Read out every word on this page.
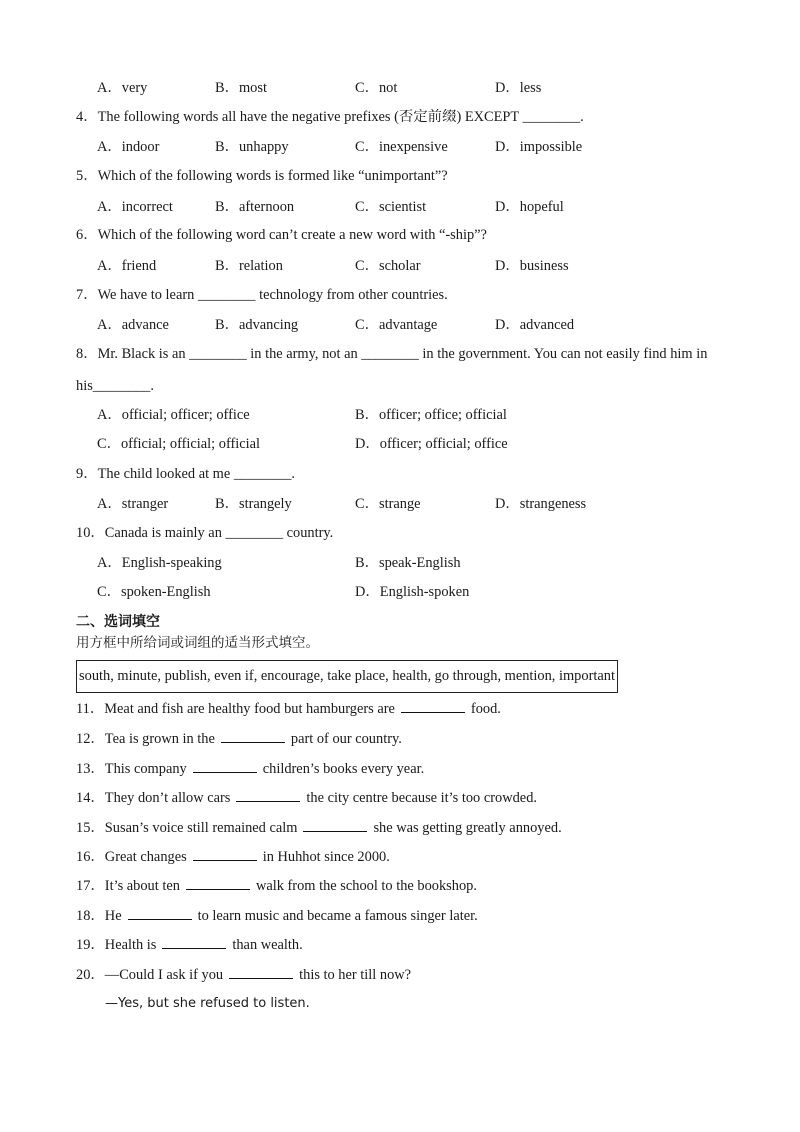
A．very	B．most	C．not	D．less
4．The following words all have the negative prefixes (否定前缀) EXCEPT ________.
A．indoor	B．unhappy	C．inexpensive	D．impossible
5．Which of the following words is formed like “unimportant”?
A．incorrect	B．afternoon	C．scientist	D．hopeful
6．Which of the following word can’t create a new word with “-ship”?
A．friend	B．relation	C．scholar	D．business
7．We have to learn ________ technology from other countries.
A．advance	B．advancing	C．advantage	D．advanced
8．Mr. Black is an ________ in the army, not an ________ in the government. You can not easily find him in
his________.
A．official; officer; office	B．officer; office; official
C．official; official; official	D．officer; official; office
9．The child looked at me ________.
A．stranger	B．strangely	C．strange	D．strangeness
10．Canada is mainly an ________ country.
A．English-speaking	B．speak-English
C．spoken-English	D．English-spoken
二、选词填空
用方框中所给词或词组的适当形式填空。
south, minute, publish, even if, encourage, take place, health, go through, mention, important
11．Meat and fish are healthy food but hamburgers are	food.
12．Tea is grown in the	part of our country.
13．This company	children’s books every year.
14．They don’t allow cars	the city centre because it’s too crowded.
15．Susan’s voice still remained calm	she was getting greatly annoyed.
16．Great changes	in Huhhot since 2000.
17．It’s about ten	walk from the school to the bookshop.
18．He	to learn music and became a famous singer later.
19．Health is	than wealth.
20．—Could I ask if you	this to her till now?
—Yes, but she refused to listen.
